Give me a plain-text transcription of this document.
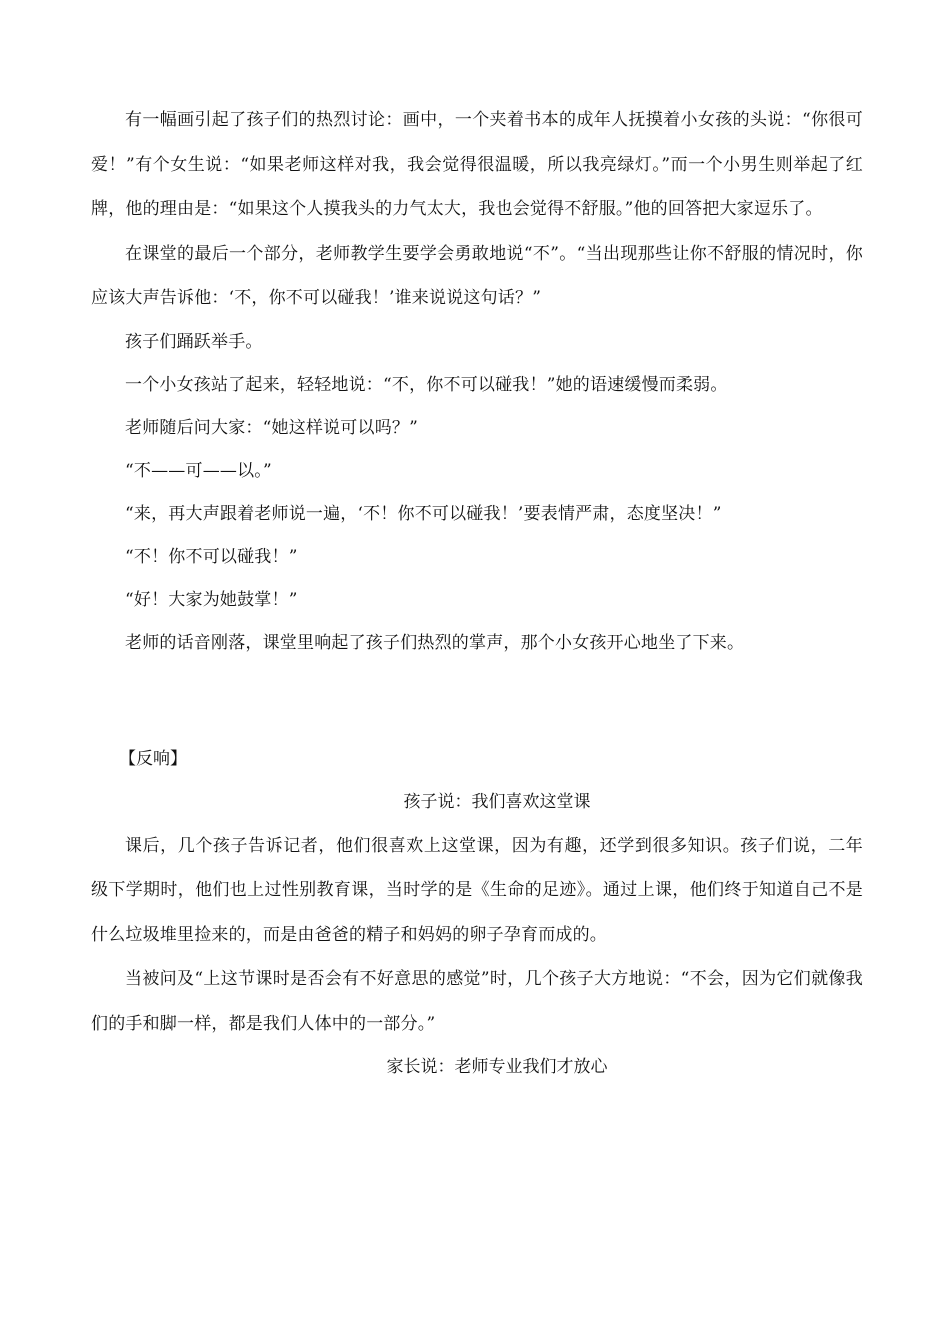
有一幅画引起了孩子们的热烈讨论：画中，一个夹着书本的成年人抚摸着小女孩的头说：“你很可爱！”有个女生说：“如果老师这样对我，我会觉得很温暖，所以我亮绿灯。”而一个小男生则举起了红牌，他的理由是：“如果这个人摸我头的力气太大，我也会觉得不舒服。”他的回答把大家逗乐了。

在课堂的最后一个部分，老师教学生要学会勇敢地说“不”。“当出现那些让你不舒服的情况时，你应该大声告诉他：‘不，你不可以碰我！’谁来说说这句话？”

孩子们踊跃举手。

一个小女孩站了起来，轻轻地说：“不，你不可以碰我！”她的语速缓慢而柔弱。

老师随后问大家：“她这样说可以吗？”

“不——可——以。”

“来，再大声跟着老师说一遍，‘不！你不可以碰我！’要表情严肃，态度坚决！”

“不！你不可以碰我！”

“好！大家为她鼓掌！”

老师的话音刚落，课堂里响起了孩子们热烈的掌声，那个小女孩开心地坐了下来。

【反响】

孩子说：我们喜欢这堂课

课后，几个孩子告诉记者，他们很喜欢上这堂课，因为有趣，还学到很多知识。孩子们说，二年级下学期时，他们也上过性别教育课，当时学的是《生命的足迹》。通过上课，他们终于知道自己不是什么垃圾堆里捡来的，而是由爸爸的精子和妈妈的卵子孕育而成的。

当被问及“上这节课时是否会有不好意思的感觉”时，几个孩子大方地说：“不会，因为它们就像我们的手和脚一样，都是我们人体中的一部分。”

家长说：老师专业我们才放心
